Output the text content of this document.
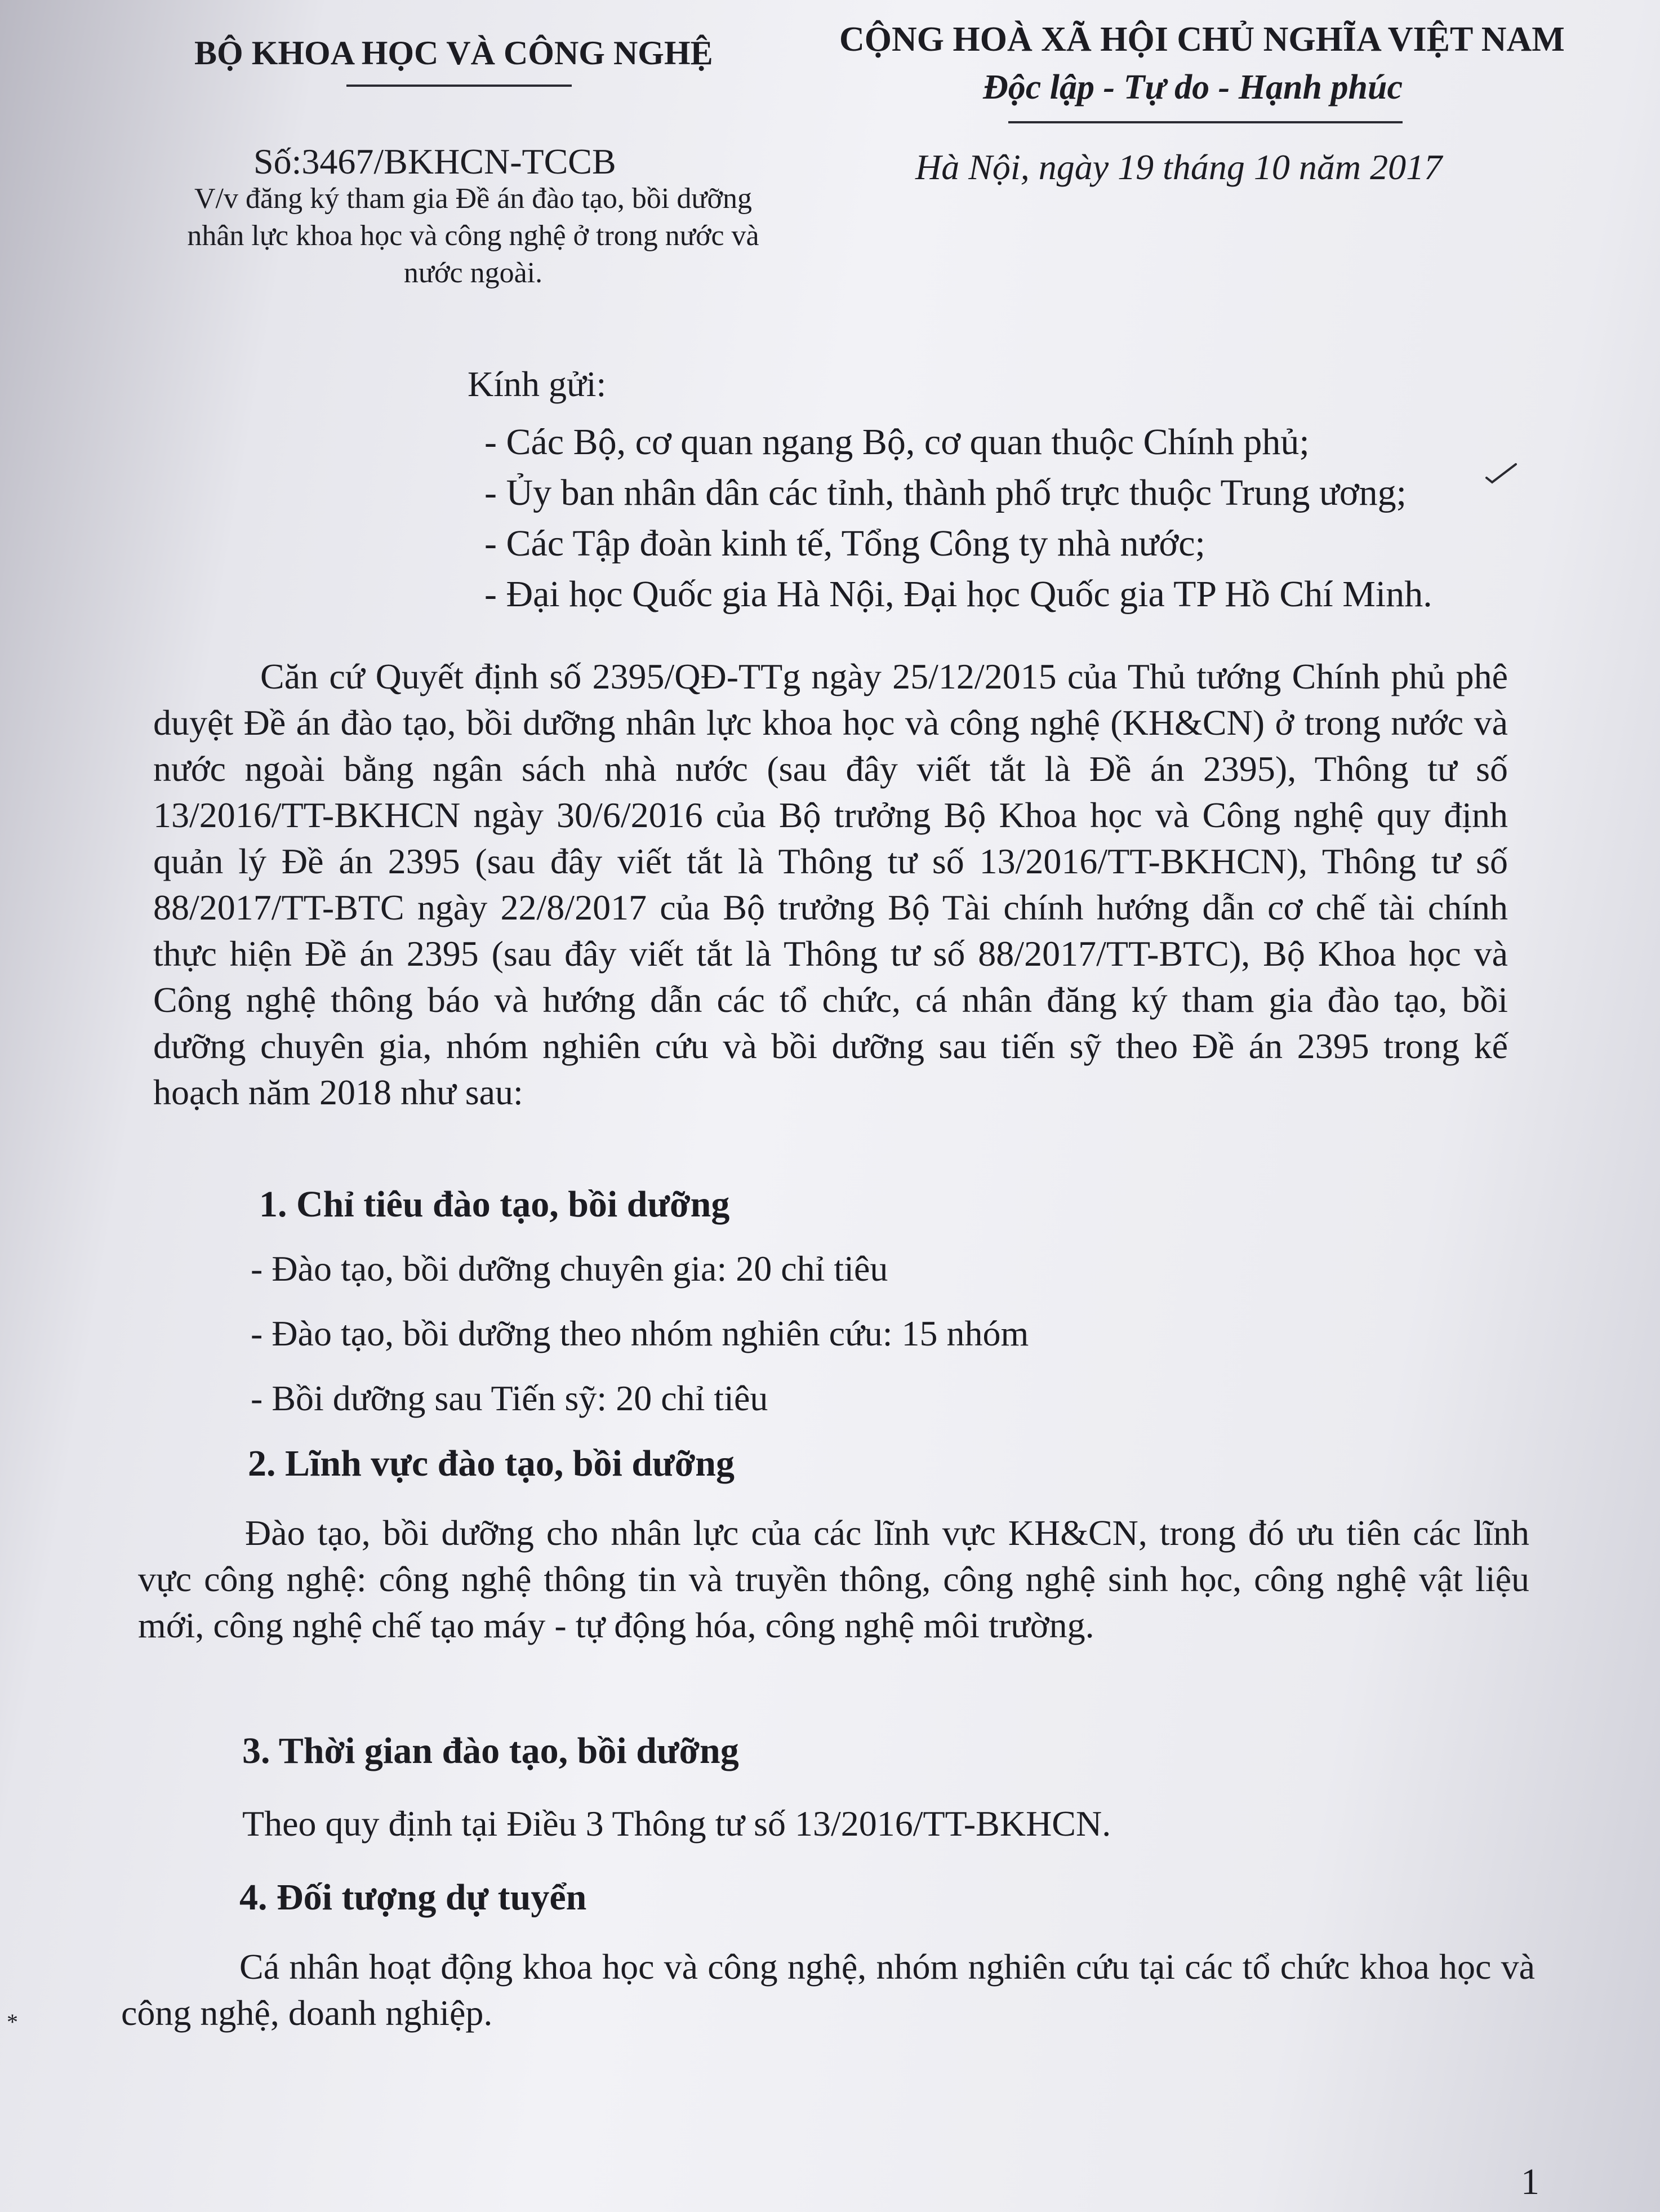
BỘ KHOA HỌC VÀ CÔNG NGHỆ
Số:3467/BKHCN-TCCB
V/v đăng ký tham gia Đề án đào tạo, bồi dưỡng nhân lực khoa học và công nghệ ở trong nước và nước ngoài.
CỘNG HOÀ XÃ HỘI CHỦ NGHĨA VIỆT NAM
Độc lập - Tự do - Hạnh phúc
Hà Nội, ngày 19 tháng 10 năm 2017
Kính gửi:
- Các Bộ, cơ quan ngang Bộ, cơ quan thuộc Chính phủ;
- Ủy ban nhân dân các tỉnh, thành phố trực thuộc Trung ương;
- Các Tập đoàn kinh tế, Tổng Công ty nhà nước;
- Đại học Quốc gia Hà Nội, Đại học Quốc gia TP Hồ Chí Minh.
Căn cứ Quyết định số 2395/QĐ-TTg ngày 25/12/2015 của Thủ tướng Chính phủ phê duyệt Đề án đào tạo, bồi dưỡng nhân lực khoa học và công nghệ (KH&CN) ở trong nước và nước ngoài bằng ngân sách nhà nước (sau đây viết tắt là Đề án 2395), Thông tư số 13/2016/TT-BKHCN ngày 30/6/2016 của Bộ trưởng Bộ Khoa học và Công nghệ quy định quản lý Đề án 2395 (sau đây viết tắt là Thông tư số 13/2016/TT-BKHCN), Thông tư số 88/2017/TT-BTC ngày 22/8/2017 của Bộ trưởng Bộ Tài chính hướng dẫn cơ chế tài chính thực hiện Đề án 2395 (sau đây viết tắt là Thông tư số 88/2017/TT-BTC), Bộ Khoa học và Công nghệ thông báo và hướng dẫn các tổ chức, cá nhân đăng ký tham gia đào tạo, bồi dưỡng chuyên gia, nhóm nghiên cứu và bồi dưỡng sau tiến sỹ theo Đề án 2395 trong kế hoạch năm 2018 như sau:
1. Chỉ tiêu đào tạo, bồi dưỡng
- Đào tạo, bồi dưỡng chuyên gia: 20 chỉ tiêu
- Đào tạo, bồi dưỡng theo nhóm nghiên cứu: 15 nhóm
- Bồi dưỡng sau Tiến sỹ: 20 chỉ tiêu
2. Lĩnh vực đào tạo, bồi dưỡng
Đào tạo, bồi dưỡng cho nhân lực của các lĩnh vực KH&CN, trong đó ưu tiên các lĩnh vực công nghệ: công nghệ thông tin và truyền thông, công nghệ sinh học, công nghệ vật liệu mới, công nghệ chế tạo máy - tự động hóa, công nghệ môi trường.
3. Thời gian đào tạo, bồi dưỡng
Theo quy định tại Điều 3 Thông tư số 13/2016/TT-BKHCN.
4. Đối tượng dự tuyển
Cá nhân hoạt động khoa học và công nghệ, nhóm nghiên cứu tại các tổ chức khoa học và công nghệ, doanh nghiệp.
*
1
